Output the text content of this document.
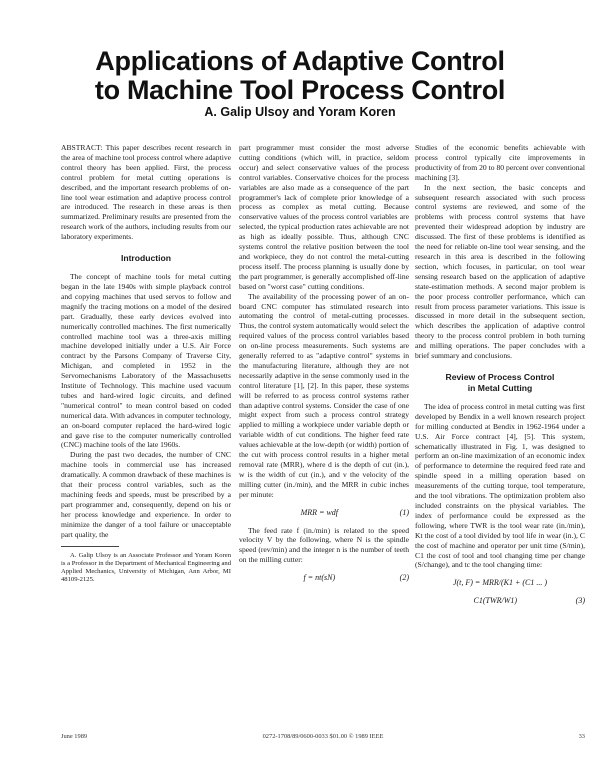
Applications of Adaptive Control
to Machine Tool Process Control
A. Galip Ulsoy and Yoram Koren

ABSTRACT: This paper describes recent research in the area of machine tool process control where adaptive control theory has been applied. First, the process control problem for metal cutting operations is described, and the important research problems of on-line tool wear estimation and adaptive process control are introduced. The research in these areas is then summarized. Preliminary results are presented from the research work of the authors, including results from our laboratory experiments.

Introduction

The concept of machine tools for metal cutting began in the late 1940s with simple playback control and copying machines that used servos to follow and magnify the tracing motions on a model of the desired part. Gradually, these early devices evolved into numerically controlled machines. The first numerically controlled machine tool was a three-axis milling machine developed initially under a U.S. Air Force contract by the Parsons Company of Traverse City, Michigan, and completed in 1952 in the Servomechanisms Laboratory of the Massachusetts Institute of Technology. This machine used vacuum tubes and hard-wired logic circuits, and defined "numerical control" to mean control based on coded numerical data. With advances in computer technology, an on-board computer replaced the hard-wired logic and gave rise to the computer numerically controlled (CNC) machine tools of the late 1960s.

During the past two decades, the number of CNC machine tools in commercial use has increased dramatically. A common drawback of these machines is that their process control variables, such as the machining feeds and speeds, must be prescribed by a part programmer and, consequently, depend on his or her process knowledge and experience. In order to minimize the danger of a tool failure or unacceptable part quality, the

A. Galip Ulsoy is an Associate Professor and Yoram Koren is a Professor in the Department of Mechanical Engineering and Applied Mechanics, University of Michigan, Ann Arbor, MI 48109-2125.

part programmer must consider the most adverse cutting conditions (which will, in practice, seldom occur) and select conservative values of the process control variables. Conservative choices for the process variables are also made as a consequence of the part programmer's lack of complete prior knowledge of a process as complex as metal cutting. Because conservative values of the process control variables are selected, the typical production rates achievable are not as high as ideally possible. Thus, although CNC systems control the relative position between the tool and workpiece, they do not control the metal-cutting process itself. The process planning is usually done by the part programmer, is generally accomplished off-line based on "worst case" cutting conditions.

The availability of the processing power of an on-board CNC computer has stimulated research into automating the control of metal-cutting processes. Thus, the control system automatically would select the required values of the process control variables based on on-line process measurements. Such systems are generally referred to as "adaptive control" systems in the manufacturing literature, although they are not necessarily adaptive in the sense commonly used in the control literature [1], [2]. In this paper, these systems will be referred to as process control systems rather than adaptive control systems. Consider the case of one might expect from such a process control strategy applied to milling a workpiece under variable depth or variable width of cut conditions. The higher feed rate values achievable at the low-depth (or width) portion of the cut with process control results in a higher metal removal rate (MRR), where d is the depth of cut (in.), w is the width of cut (in.), and v the velocity of the milling cutter (in./min), and the MRR in cubic inches per minute:

MRR = wdf	(1)

The feed rate f (in./min) is related to the speed velocity V by the following, where N is the spindle speed (rev/min) and the integer n is the number of teeth on the milling cutter:

f = nt(sN)	(2)

Studies of the economic benefits achievable with process control typically cite improvements in productivity of from 20 to 80 percent over conventional machining [3].

In the next section, the basic concepts and subsequent research associated with such process control systems are reviewed, and some of the problems with process control systems that have prevented their widespread adoption by industry are discussed. The first of these problems is identified as the need for reliable on-line tool wear sensing, and the research in this area is described in the following section, which focuses, in particular, on tool wear sensing research based on the application of adaptive state-estimation methods. A second major problem is the poor process controller performance, which can result from process parameter variations. This issue is discussed in more detail in the subsequent section, which describes the application of adaptive control theory to the process control problem in both turning and milling operations. The paper concludes with a brief summary and conclusions.

Review of Process Control
in Metal Cutting

The idea of process control in metal cutting was first developed by Bendix in a well known research project for milling conducted at Bendix in 1962-1964 under a U.S. Air Force contract [4], [5]. This system, schematically illustrated in Fig. 1, was designed to perform an on-line maximization of an economic index of performance to determine the required feed rate and spindle speed in a milling operation based on measurements of the cutting torque, tool temperature, and the tool vibrations. The optimization problem also included constraints on the physical variables. The index of performance could be expressed as the following, where TWR is the tool wear rate (in./min), Kt the cost of a tool divided by tool life in wear (in.), C the cost of machine and operator per unit time (S/min), C1 the cost of tool and tool changing time per change (S/change), and tc the tool changing time:

J(t, F) = MRR/(K1 + (C1 ... )
C1(TWR/W1)	(3)
June 1989	0272-1708/89/0600-0033 $01.00 © 1989 IEEE	33
